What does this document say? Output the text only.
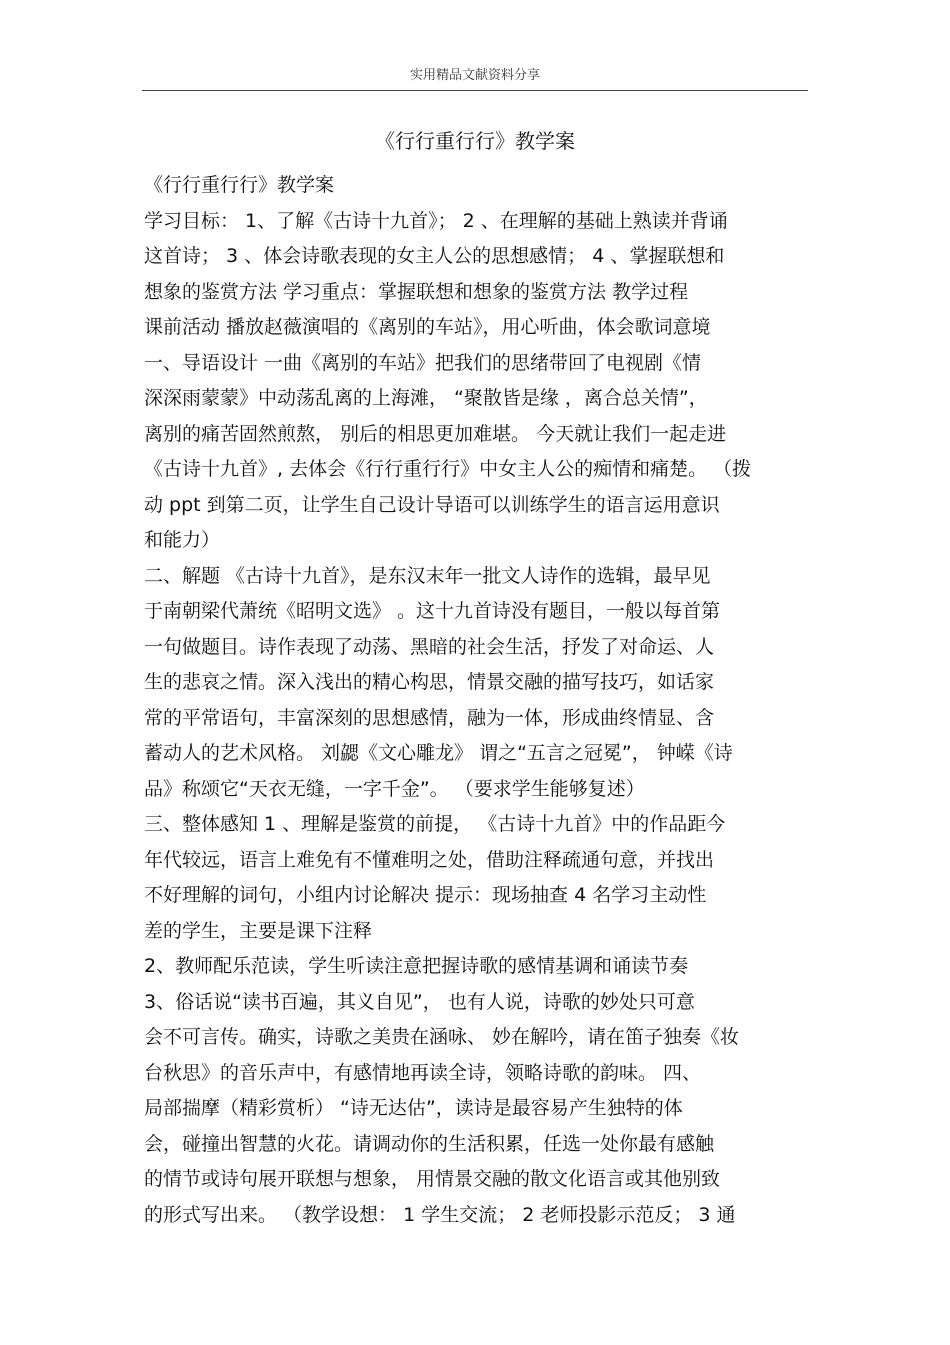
实用精品文献资料分享
《行行重行行》教学案
《行行重行行》教学案
学习目标： 1、了解《古诗十九首》； 2 、在理解的基础上熟读并背诵
这首诗； 3 、体会诗歌表现的女主人公的思想感情； 4 、掌握联想和
想象的鉴赏方法 学习重点：掌握联想和想象的鉴赏方法 教学过程
课前活动 播放赵薇演唱的《离别的车站》，用心听曲，体会歌词意境
一、导语设计 一曲《离别的车站》把我们的思绪带回了电视剧《情
深深雨蒙蒙》中动荡乱离的上海滩， “聚散皆是缘 ，离合总关情”，
离别的痛苦固然煎熬， 别后的相思更加难堪。 今天就让我们一起走进
《古诗十九首》, 去体会《行行重行行》中女主人公的痴情和痛楚。 （拨
动 ppt 到第二页，让学生自己设计导语可以训练学生的语言运用意识
和能力）
二、解题 《古诗十九首》，是东汉末年一批文人诗作的选辑，最早见
于南朝梁代萧统《昭明文选》 。这十九首诗没有题目，一般以每首第
一句做题目。诗作表现了动荡、黑暗的社会生活，抒发了对命运、人
生的悲哀之情。深入浅出的精心构思，情景交融的描写技巧，如话家
常的平常语句，丰富深刻的思想感情，融为一体，形成曲终情显、含
蓄动人的艺术风格。 刘勰《文心雕龙》 谓之“五言之冠冕”， 钟嵘《诗
品》称颂它“天衣无缝，一字千金”。 （要求学生能够复述）
三、整体感知 1 、理解是鉴赏的前提， 《古诗十九首》中的作品距今
年代较远，语言上难免有不懂难明之处，借助注释疏通句意，并找出
不好理解的词句，小组内讨论解决 提示：现场抽查 4 名学习主动性
差的学生，主要是课下注释
2、教师配乐范读，学生听读注意把握诗歌的感情基调和诵读节奏
3、俗话说“读书百遍，其义自见”， 也有人说，诗歌的妙处只可意
会不可言传。确实，诗歌之美贵在涵咏、 妙在解吟，请在笛子独奏《妆
台秋思》的音乐声中，有感情地再读全诗，领略诗歌的韵味。 四、
局部揣摩（精彩赏析） “诗无达估”，读诗是最容易产生独特的体
会，碰撞出智慧的火花。请调动你的生活积累，任选一处你最有感触
的情节或诗句展开联想与想象， 用情景交融的散文化语言或其他别致
的形式写出来。 （教学设想： 1 学生交流； 2 老师投影示范反； 3 通
